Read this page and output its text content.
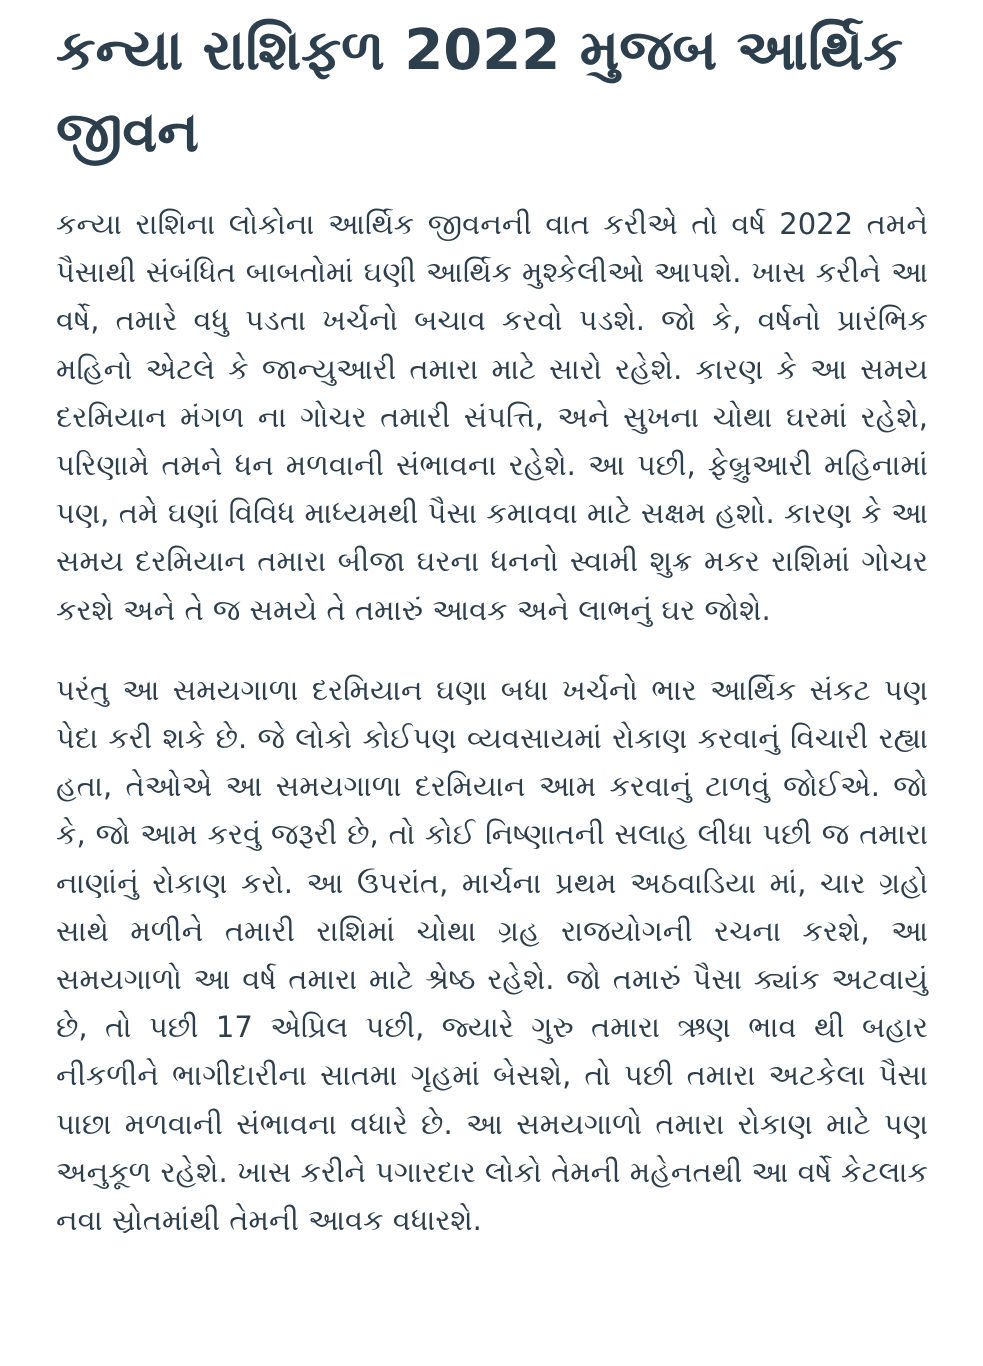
કન્યા રાશિફળ 2022 મુજબ આર્થિક જીવન

કન્યા રાશિના લોકોના આર્થિક જીવનની વાત કરીએ તો વર્ષ 2022 તમને પૈસાથી સંબંધિત બાબતોમાં ઘણી આર્થિક મુશ્કેલીઓ આપશે. ખાસ કરીને આ વર્ષે, તમારે વધુ પડતા ખર્ચનો બચાવ કરવો પડશે. જો કે, વર્ષનો પ્રારંભિક મહિનો એટલે કે જાન્યુઆરી તમારા માટે સારો રહેશે. કારણ કે આ સમય દરમિયાન મંગળ ના ગોચર તમારી સંપત્તિ, અને સુખના ચોથા ઘરમાં રહેશે, પરિણામે તમને ધન મળવાની સંભાવના રહેશે. આ પછી, ફેબ્રુઆરી મહિનામાં પણ, તમે ઘણાં વિવિધ માધ્યમથી પૈસા કમાવવા માટે સક્ષમ હશો. કારણ કે આ સમય દરમિયાન તમારા બીજા ઘરના ધનનો સ્વામી શુક્ર મકર રાશિમાં ગોચર કરશે અને તે જ સમયે તે તમારું આવક અને લાભનું ઘર જોશે.

પરંતુ આ સમયગાળા દરમિયાન ઘણા બધા ખર્ચનો ભાર આર્થિક સંકટ પણ પેદા કરી શકે છે. જે લોકો કોઈપણ વ્યવસાયમાં રોકાણ કરવાનું વિચારી રહ્યા હતા, તેઓએ આ સમયગાળા દરમિયાન આમ કરવાનું ટાળવું જોઈએ. જો કે, જો આમ કરવું જરૂરી છે, તો કોઈ નિષ્ણાતની સલાહ લીધા પછી જ તમારા નાણાંનું રોકાણ કરો. આ ઉપરાંત, માર્ચના પ્રથમ અઠવાડિયા માં, ચાર ગ્રહો સાથે મળીને તમારી રાશિમાં ચોથા ગ્રહ રાજયોગની રચના કરશે, આ સમયગાળો આ વર્ષ તમારા માટે શ્રેષ્ઠ રહેશે. જો તમારું પૈસા ક્યાંક અટવાયું છે, તો પછી 17 એપ્રિલ પછી, જ્યારે ગુરુ તમારા ઋણ ભાવ થી બહાર નીકળીને ભાગીદારીના સાતમા ગૃહમાં બેસશે, તો પછી તમારા અટકેલા પૈસા પાછા મળવાની સંભાવના વધારે છે. આ સમયગાળો તમારા રોકાણ માટે પણ અનુકૂળ રહેશે. ખાસ કરીને પગારદાર લોકો તેમની મહેનતથી આ વર્ષે કેટલાક નવા સ્રોતમાંથી તેમની આવક વધારશે.
